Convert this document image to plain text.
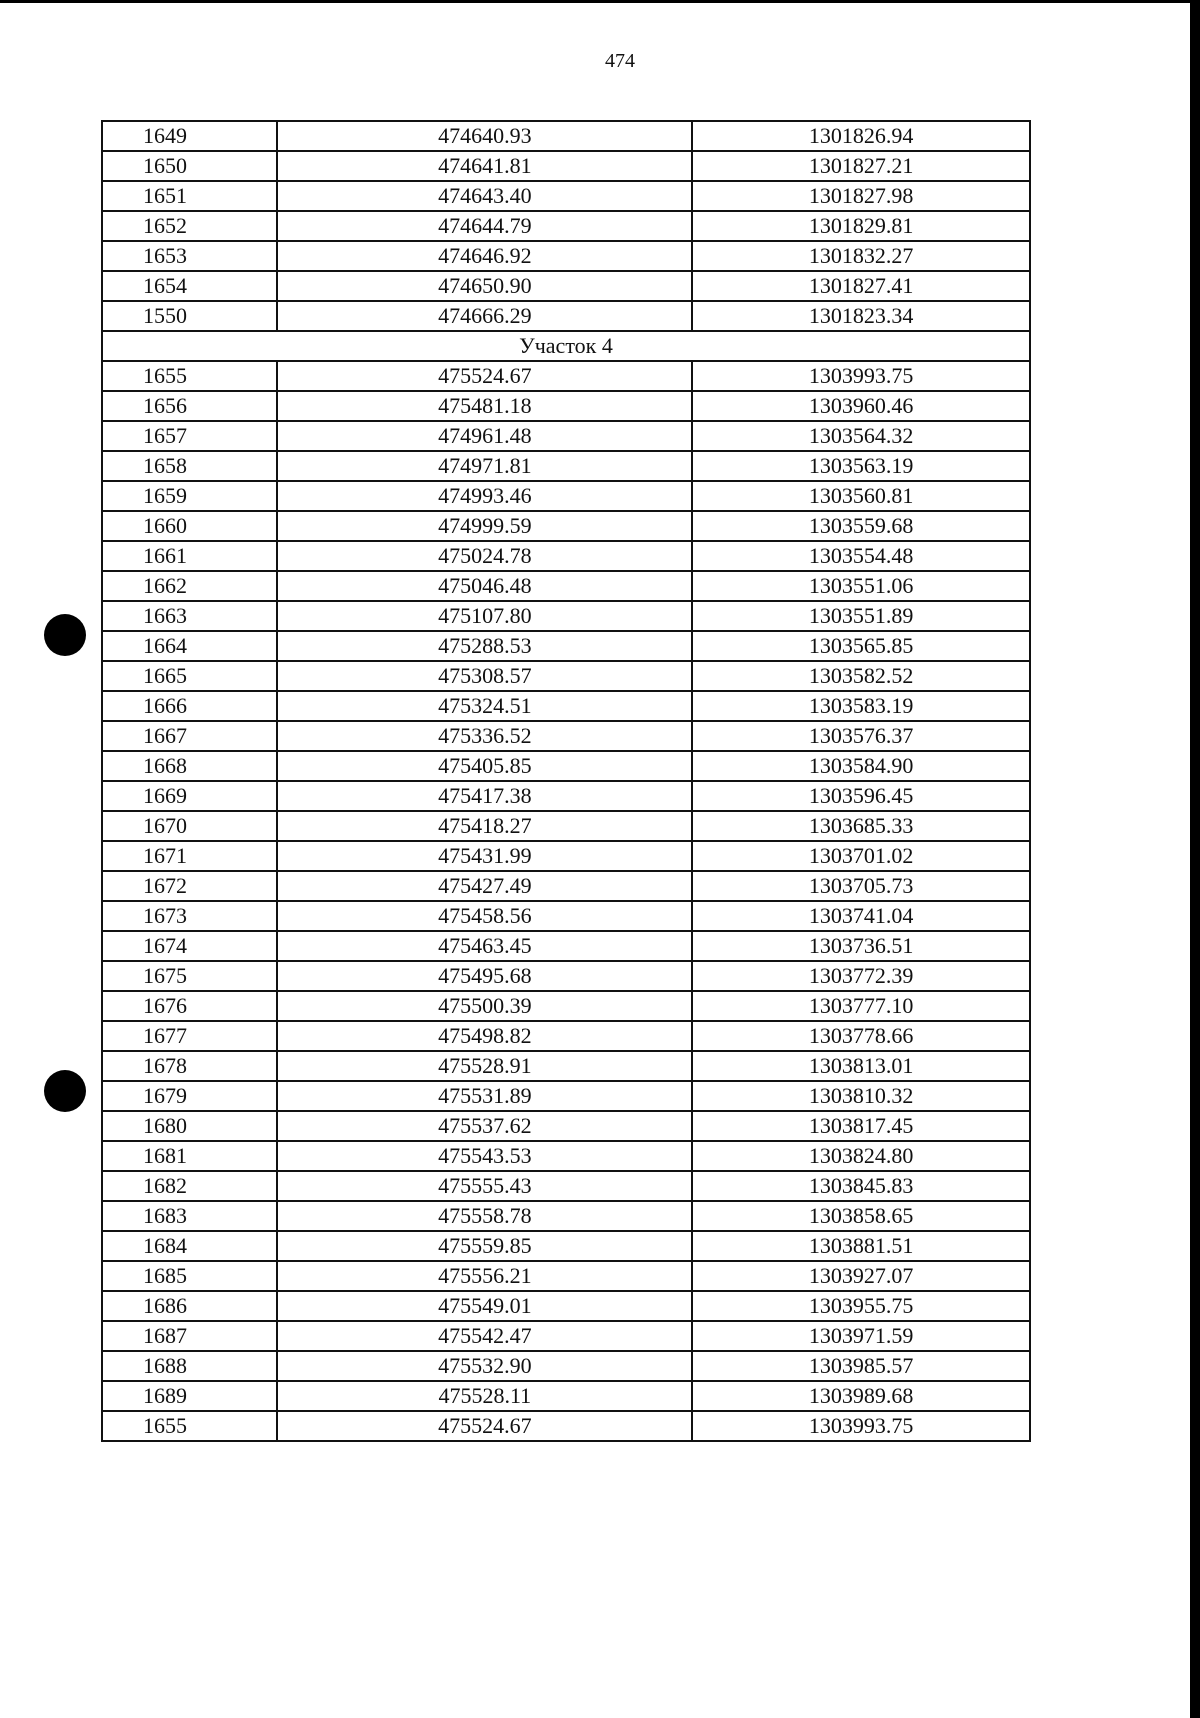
474
1649	474640.93	1301826.94
1650	474641.81	1301827.21
1651	474643.40	1301827.98
1652	474644.79	1301829.81
1653	474646.92	1301832.27
1654	474650.90	1301827.41
1550	474666.29	1301823.34
Участок 4		
1655	475524.67	1303993.75
1656	475481.18	1303960.46
1657	474961.48	1303564.32
1658	474971.81	1303563.19
1659	474993.46	1303560.81
1660	474999.59	1303559.68
1661	475024.78	1303554.48
1662	475046.48	1303551.06
1663	475107.80	1303551.89
1664	475288.53	1303565.85
1665	475308.57	1303582.52
1666	475324.51	1303583.19
1667	475336.52	1303576.37
1668	475405.85	1303584.90
1669	475417.38	1303596.45
1670	475418.27	1303685.33
1671	475431.99	1303701.02
1672	475427.49	1303705.73
1673	475458.56	1303741.04
1674	475463.45	1303736.51
1675	475495.68	1303772.39
1676	475500.39	1303777.10
1677	475498.82	1303778.66
1678	475528.91	1303813.01
1679	475531.89	1303810.32
1680	475537.62	1303817.45
1681	475543.53	1303824.80
1682	475555.43	1303845.83
1683	475558.78	1303858.65
1684	475559.85	1303881.51
1685	475556.21	1303927.07
1686	475549.01	1303955.75
1687	475542.47	1303971.59
1688	475532.90	1303985.57
1689	475528.11	1303989.68
1655	475524.67	1303993.75
